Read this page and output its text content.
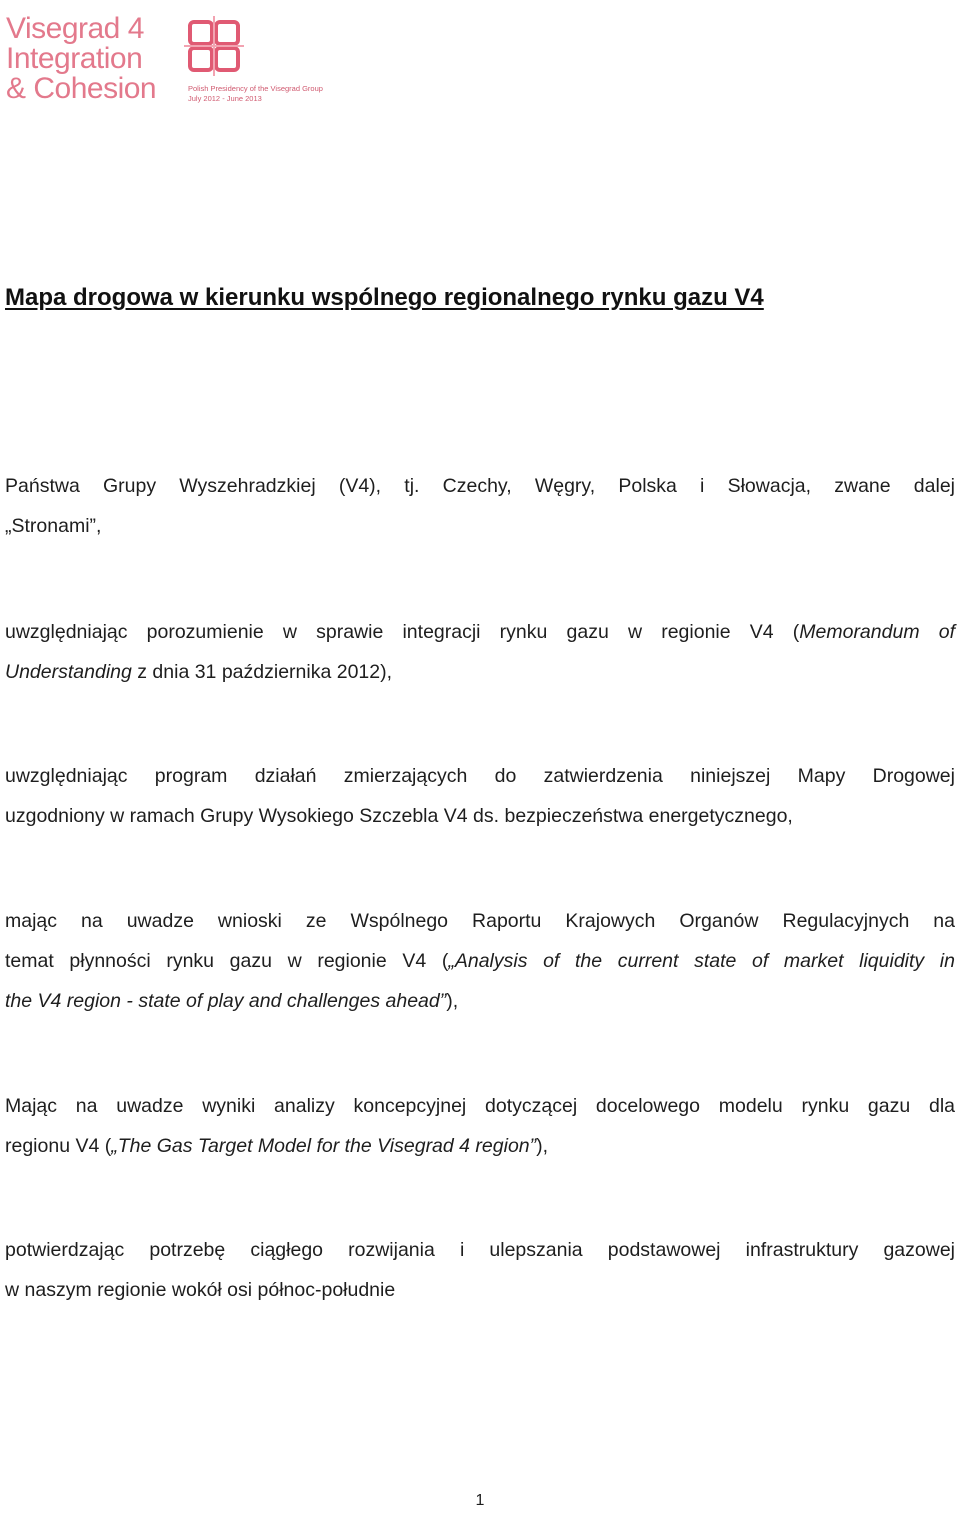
Visegrad 4
Integration
& Cohesion	Polish Presidency of the Visegrad Group
July 2012 - June 2013
Mapa drogowa w kierunku wspólnego regionalnego rynku gazu V4

Państwa Grupy Wyszehradzkiej (V4), tj. Czechy, Węgry, Polska i Słowacja, zwane dalej
„Stronami”,

uwzględniając porozumienie w sprawie integracji rynku gazu w regionie V4 (Memorandum of
Understanding z dnia 31 października 2012),

uwzględniając program działań zmierzających do zatwierdzenia niniejszej Mapy Drogowej
uzgodniony w ramach Grupy Wysokiego Szczebla V4 ds. bezpieczeństwa energetycznego,

mając na uwadze wnioski ze Wspólnego Raportu Krajowych Organów Regulacyjnych na
temat płynności rynku gazu w regionie V4 („Analysis of the current state of market liquidity in
the V4 region - state of play and challenges ahead”),

Mając na uwadze wyniki analizy koncepcyjnej dotyczącej docelowego modelu rynku gazu dla
regionu V4 („The Gas Target Model for the Visegrad 4 region”),

potwierdzając potrzebę ciągłego rozwijania i ulepszania podstawowej infrastruktury gazowej
w naszym regionie wokół osi północ-południe

1
